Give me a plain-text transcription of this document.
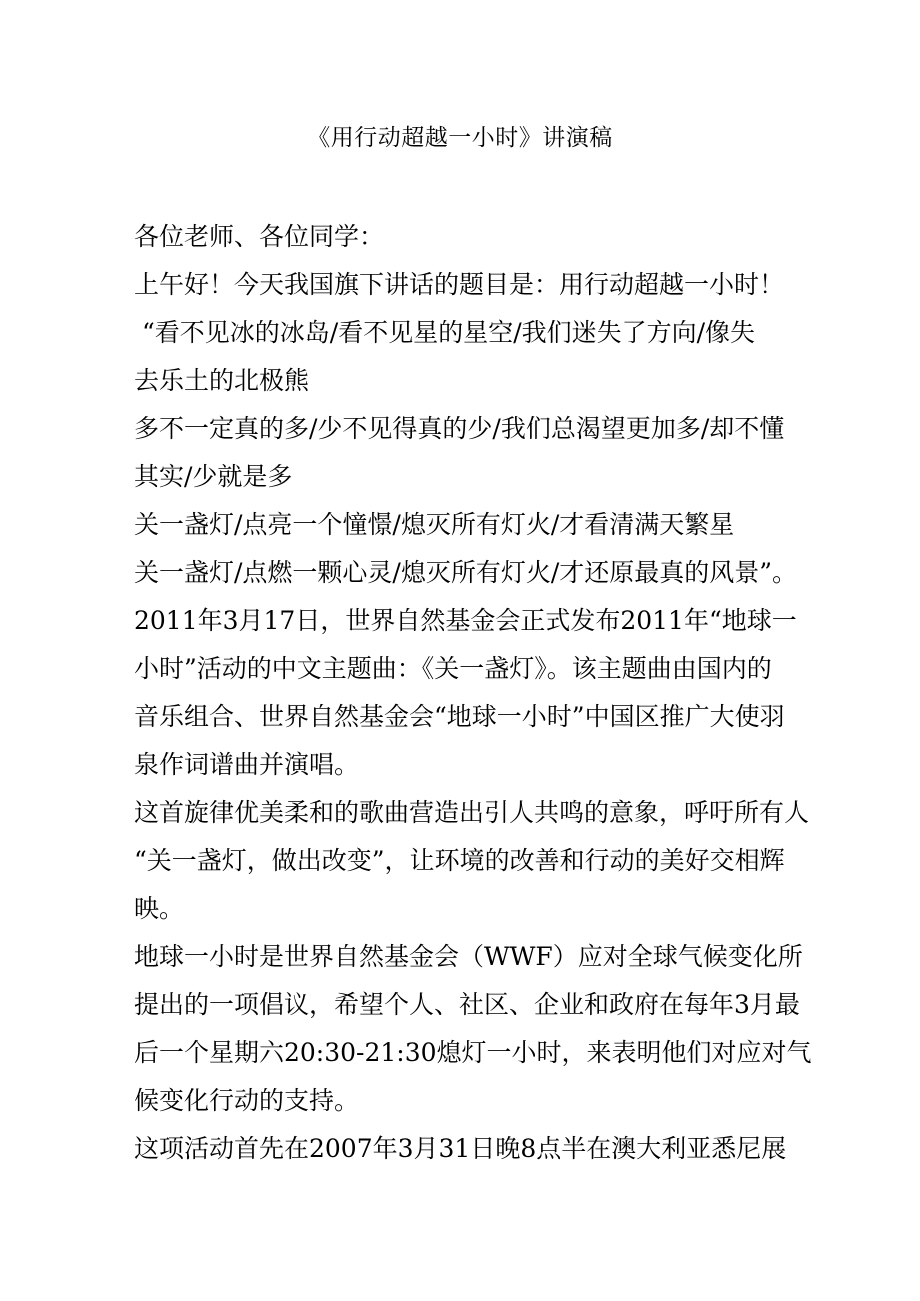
《用行动超越一小时》讲演稿
各位老师、各位同学：
上午好！今天我国旗下讲话的题目是：用行动超越一小时！
“看不见冰的冰岛/看不见星的星空/我们迷失了方向/像失
去乐土的北极熊
多不一定真的多/少不见得真的少/我们总渴望更加多/却不懂
其实/少就是多
关一盏灯/点亮一个憧憬/熄灭所有灯火/才看清满天繁星
关一盏灯/点燃一颗心灵/熄灭所有灯火/才还原最真的风景”。
2011年3月17日，世界自然基金会正式发布2011年“地球一
小时”活动的中文主题曲：《关一盏灯》。该主题曲由国内的
音乐组合、世界自然基金会“地球一小时”中国区推广大使羽
泉作词谱曲并演唱。
这首旋律优美柔和的歌曲营造出引人共鸣的意象，呼吁所有人
“关一盏灯，做出改变”，让环境的改善和行动的美好交相辉
映。
地球一小时是世界自然基金会（WWF）应对全球气候变化所
提出的一项倡议，希望个人、社区、企业和政府在每年3月最
后一个星期六20:30-21:30熄灯一小时，来表明他们对应对气
候变化行动的支持。
这项活动首先在2007年3月31日晚8点半在澳大利亚悉尼展
